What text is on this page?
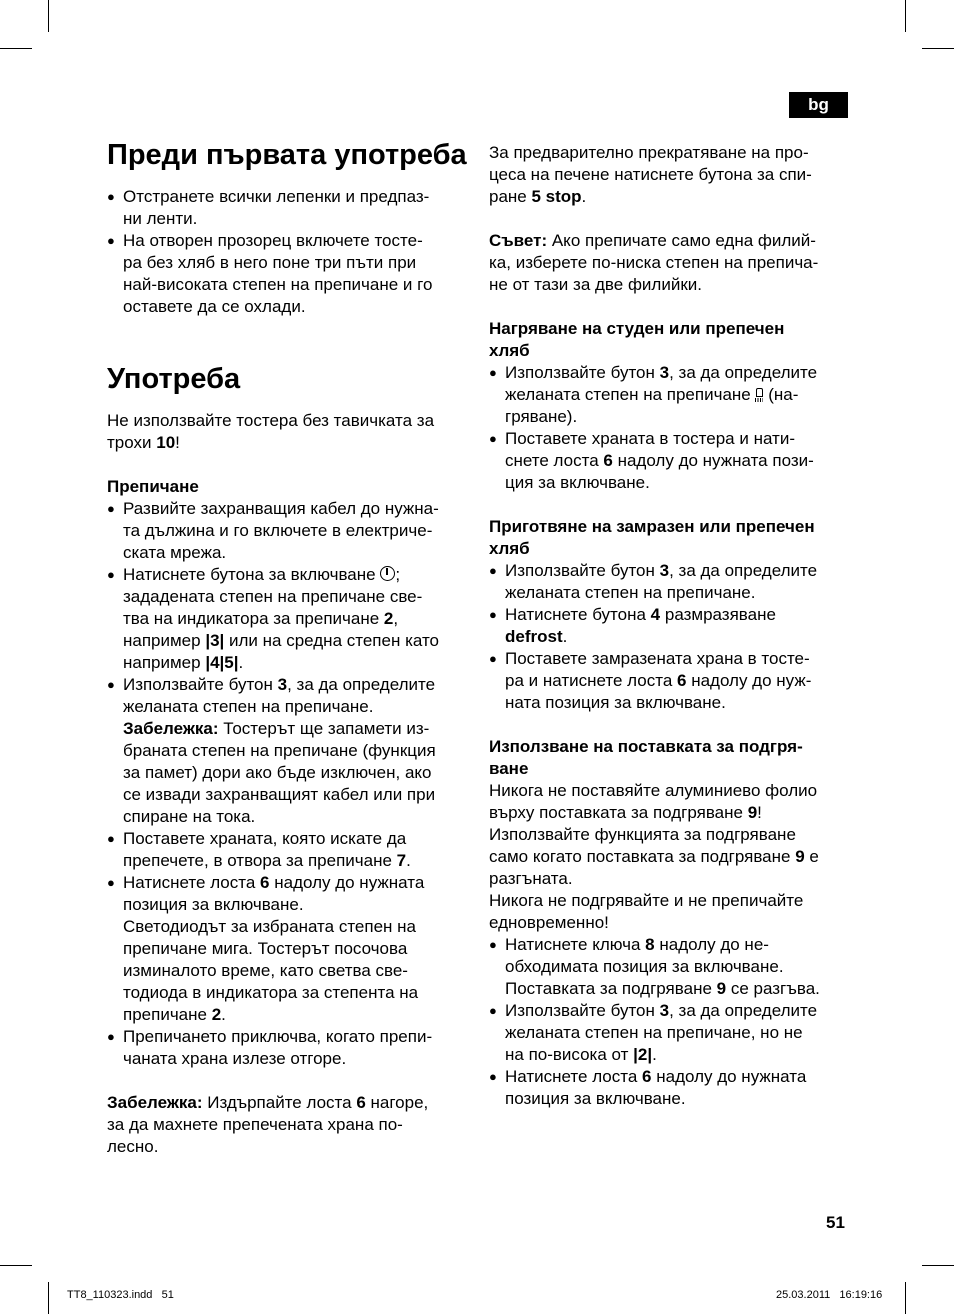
bg
Преди първата употреба
● Отстранете всички лепенки и предпаз-
ни ленти.
● На отворен прозорец включете тосте-
ра без хляб в него поне три пъти при
най-високата степен на препичане и го
оставете да се охлади.
Употреба

Не използвайте тостера без тавичката за
трохи 10!

Препичане

● Развийте захранващия кабел до нужна-
та дължина и го включете в електриче-
ската мрежа.
● Натиснете бутона за включване ;
зададената степен на препичане све-
тва на индикатора за препичане 2,
например |3| или на средна степен като
например |4|5|.
● Използвайте бутон 3, за да определите
желаната степен на препичане.
Забележка: Тостерът ще запамети из-
браната степен на препичане (функция
за памет) дори ако бъде изключен, ако
се извади захранващият кабел или при
спиране на тока.
● Поставете храната, която искате да
препечете, в отвора за препичане 7.
● Натиснете лоста 6 надолу до нужната
позиция за включване.
Светодиодът за избраната степен на
препичане мига. Тостерът посочова
изминалото време, като светва све-
тодиода в индикатора за степента на
препичане 2.
● Препичането приключва, когато препи-
чаната храна излезе отгоре.

Забележка: Издърпайте лоста 6 нагоре,
за да махнете препечената храна по-
лесно.

За предварително прекратяване на про-
цеса на печене натиснете бутона за спи-
ране 5 stop.

Съвет: Ако препичате само една филий-
ка, изберете по-ниска степен на препича-
не от тази за две филийки.

Нагряване на студен или препечен
хляб

● Използвайте бутон 3, за да определите
желаната степен на препичане  (на-
гряване).
● Поставете храната в тостера и нати-
снете лоста 6 надолу до нужната пози-
ция за включване.

Приготвяне на замразен или препечен
хляб

● Използвайте бутон 3, за да определите
желаната степен на препичане.
● Натиснете бутона 4 размразяване
defrost.
● Поставете замразената храна в тосте-
ра и натиснете лоста 6 надолу до нуж-
ната позиция за включване.

Използване на поставката за подгря-
ване

Никога не поставяйте алуминиево фолио
върху поставката за подгряване 9!
Използвайте функцията за подгряване
само когато поставката за подгряване 9 е
разгъната.
Никога не подгрявайте и не препичайте
едновременно!

● Натиснете ключа 8 надолу до не-
обходимата позиция за включване.
Поставката за подгряване 9 се разгъва.
● Използвайте бутон 3, за да определите
желаната степен на препичане, но не
на по-висока от |2|.
● Натиснете лоста 6 надолу до нужната
позиция за включване.
51
TT8_110323.indd   51	25.03.2011   16:19:16
